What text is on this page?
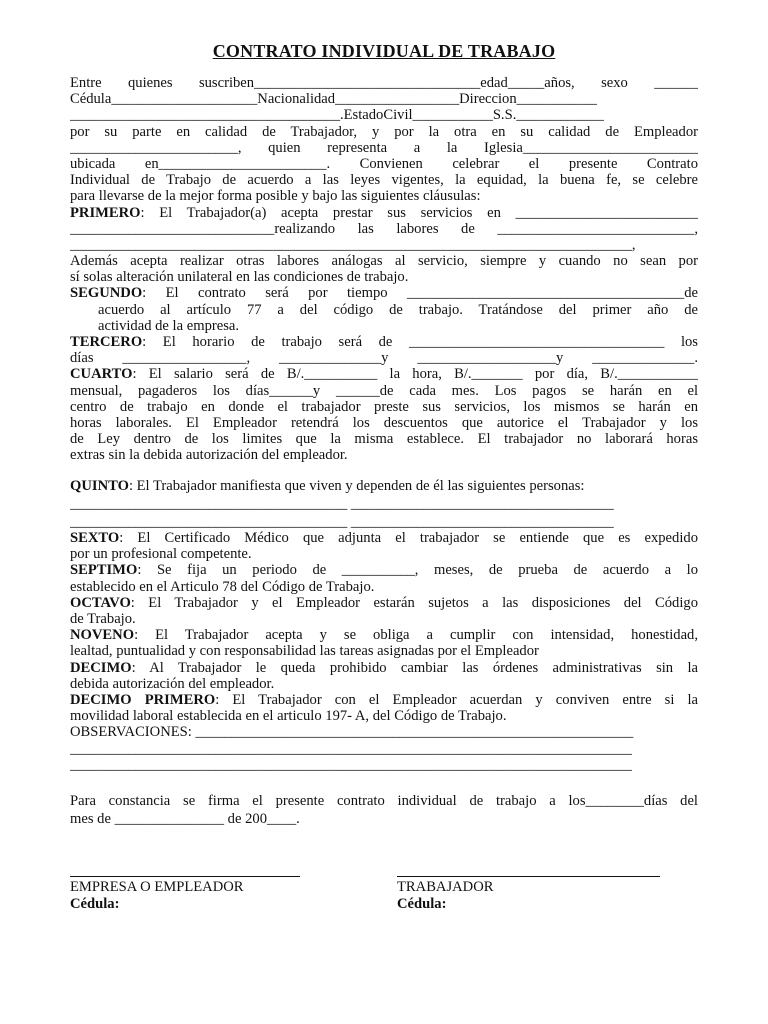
CONTRATO INDIVIDUAL DE TRABAJO
Entre quienes suscriben_______________________________edad_____años, sexo ______
Cédula____________________Nacionalidad_________________Direccion___________
_____________________________________.EstadoCivil___________S.S.____________
por su parte en calidad de Trabajador, y por la otra en su calidad de Empleador
_______________________, quien representa a la Iglesia________________________
ubicada en_______________________. Convienen celebrar el presente Contrato
Individual de Trabajo de acuerdo a las leyes vigentes, la equidad, la buena fe, se celebre
para llevarse de la mejor forma posible y bajo las siguientes cláusulas:
PRIMERO: El Trabajador(a) acepta prestar sus servicios en _________________________
____________________________realizando las labores de ___________________________,
_____________________________________________________________________________,
Además acepta realizar otras labores análogas al servicio, siempre y cuando no sean por
sí solas alteración unilateral en las condiciones de trabajo.
SEGUNDO: El contrato será por tiempo ______________________________________de
acuerdo al artículo 77 a del código de trabajo. Tratándose del primer año de
actividad de la empresa.
TERCERO: El horario de trabajo será de ___________________________________ los
días _________________, ______________y ___________________y ______________.
CUARTO: El salario será de B/.__________ la hora, B/._______ por día, B/.___________
mensual, pagaderos los días______y ______de cada mes. Los pagos se harán en el
centro de trabajo en donde el trabajador preste sus servicios, los mismos se harán en
horas laborales. El Empleador retendrá los descuentos que autorice el Trabajador y los
de Ley dentro de los limites que la misma establece. El trabajador no laborará horas
extras sin la debida autorización del empleador.
QUINTO: El Trabajador manifiesta que viven y dependen de él las siguientes personas:
______________________________________ ____________________________________
______________________________________ ____________________________________
SEXTO: El Certificado Médico que adjunta el trabajador se entiende que es expedido
por un profesional competente.
SEPTIMO: Se fija un periodo de __________, meses, de prueba de acuerdo a lo
establecido en el Articulo 78 del Código de Trabajo.
OCTAVO: El Trabajador y el Empleador estarán sujetos a las disposiciones del Código
de Trabajo.
NOVENO: El Trabajador acepta y se obliga a cumplir con intensidad, honestidad,
lealtad, puntualidad y con responsabilidad las tareas asignadas por el Empleador
DECIMO: Al Trabajador le queda prohibido cambiar las órdenes administrativas sin la
debida autorización del empleador.
DECIMO PRIMERO: El Trabajador con el Empleador acuerdan y conviven entre si la
movilidad laboral establecida en el articulo 197- A, del Código de Trabajo.
OBSERVACIONES: ____________________________________________________________
_____________________________________________________________________________
_____________________________________________________________________________
Para constancia se firma el presente contrato individual de trabajo a los________días del
mes de _______________ de 200____.
EMPRESA O EMPLEADOR
Cédula:
TRABAJADOR
Cédula:
